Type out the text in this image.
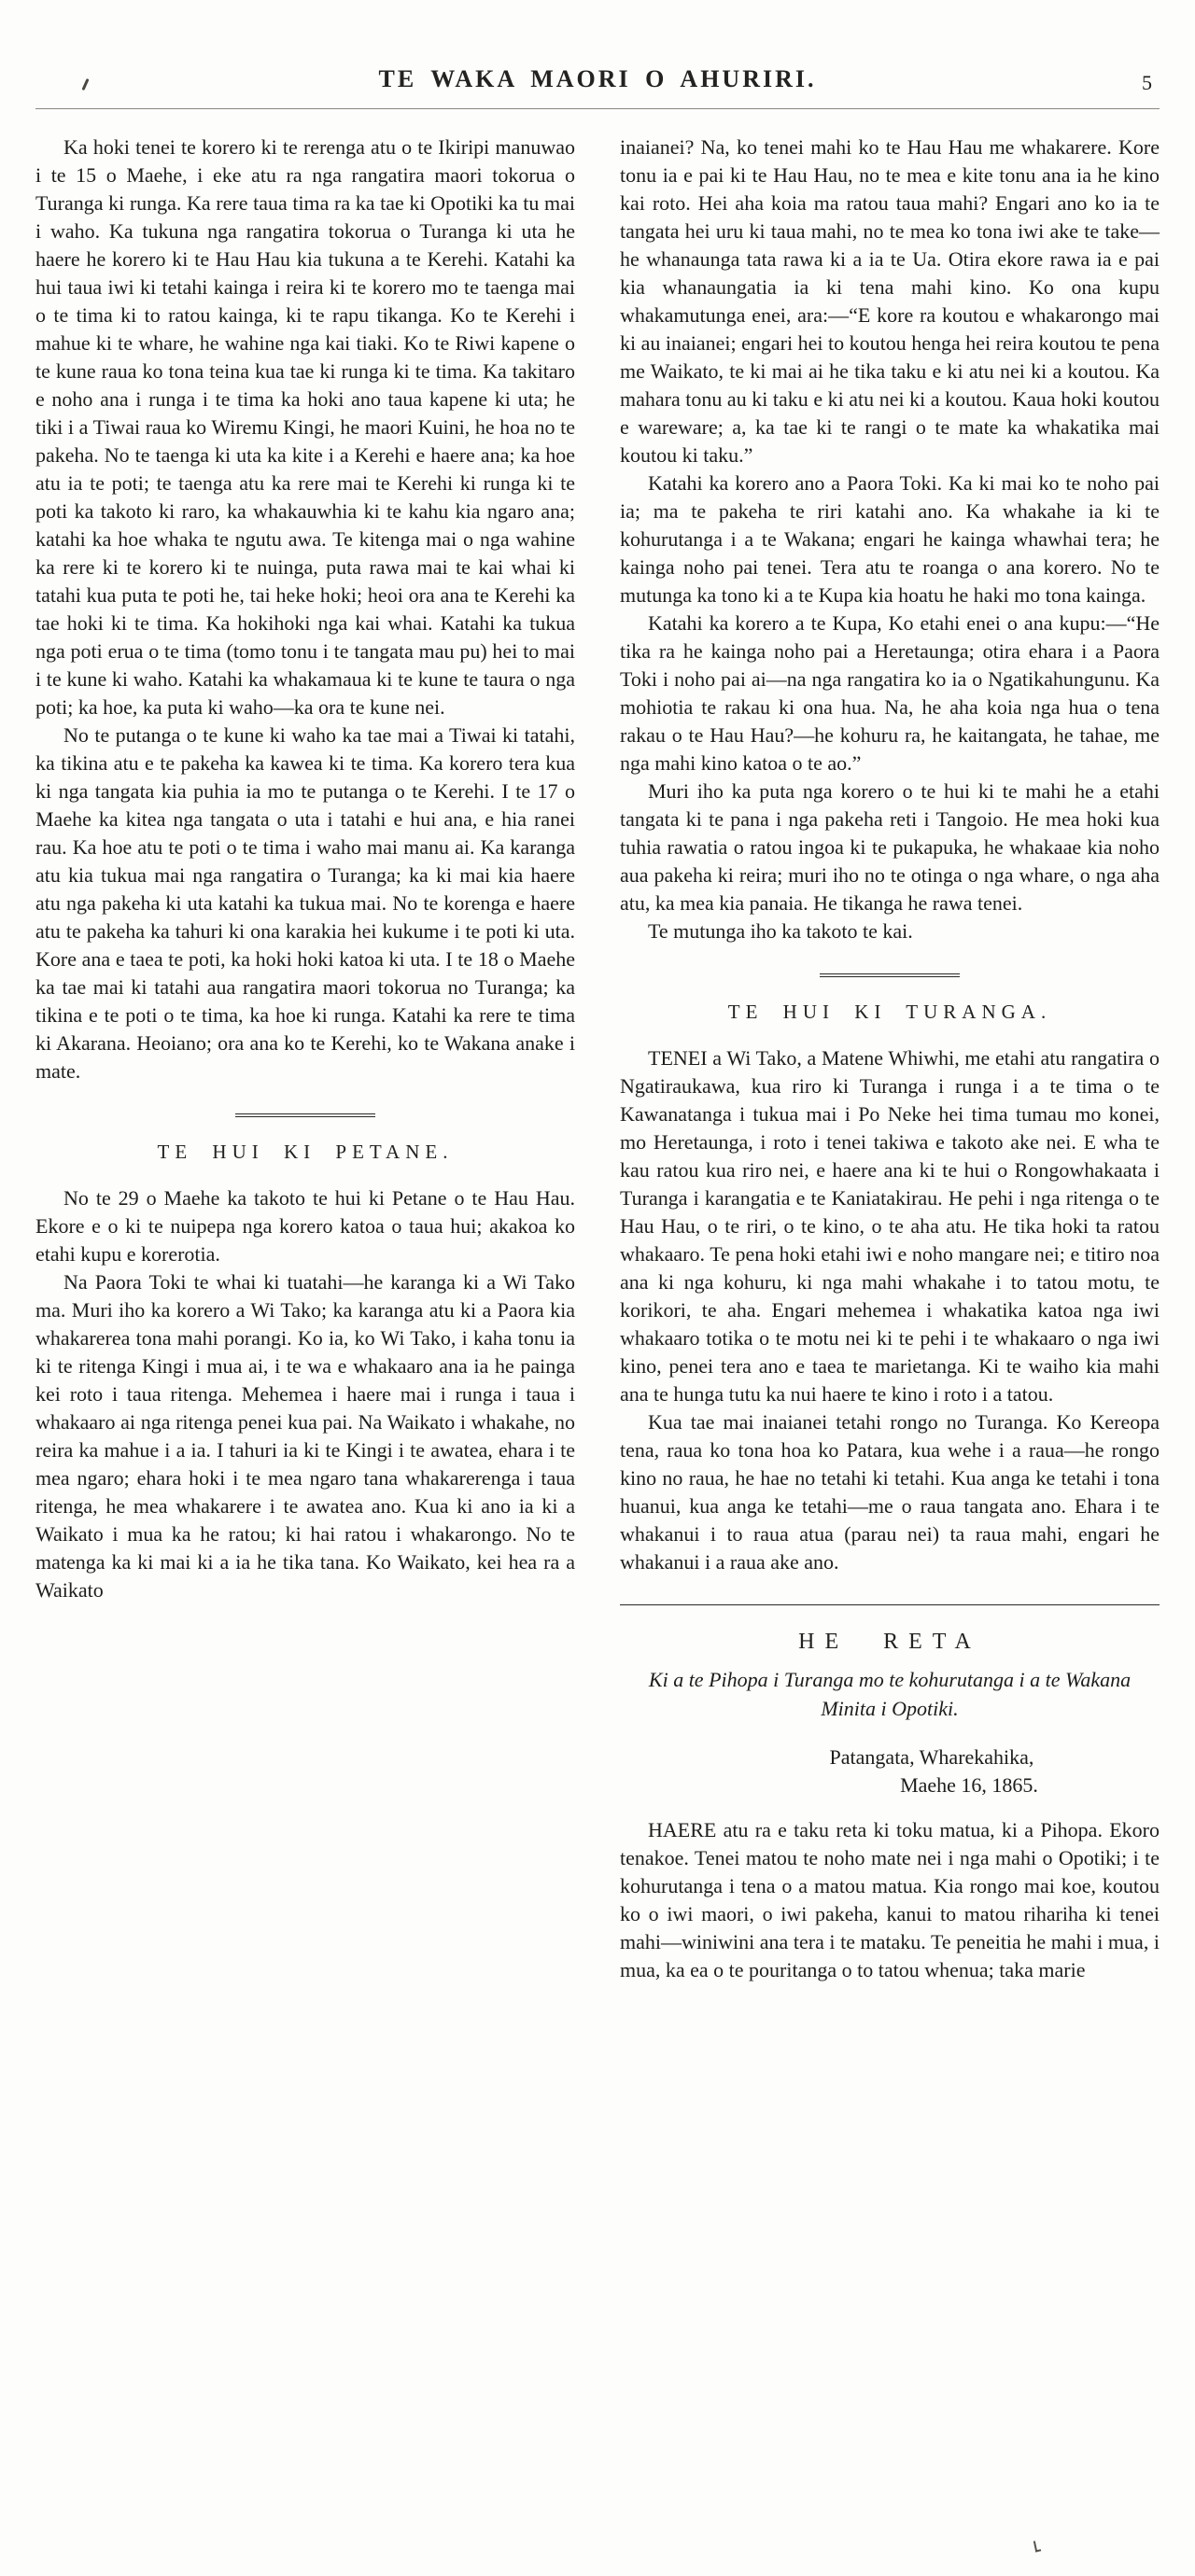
TE WAKA MAORI O AHURIRI.	5

Ka hoki tenei te korero ki te rerenga atu o te Ikiripi manuwao i te 15 o Maehe, i eke atu ra nga rangatira maori tokorua o Turanga ki runga. Ka rere taua tima ra ka tae ki Opotiki ka tu mai i waho. Ka tukuna nga rangatira tokorua o Turanga ki uta he haere he korero ki te Hau Hau kia tukuna a te Kerehi. Katahi ka hui taua iwi ki tetahi kainga i reira ki te korero mo te taenga mai o te tima ki to ratou kainga, ki te rapu tikanga. Ko te Kerehi i mahue ki te whare, he wahine nga kai tiaki. Ko te Riwi kapene o te kune raua ko tona teina kua tae ki runga ki te tima. Ka takitaro e noho ana i runga i te tima ka hoki ano taua kapene ki uta; he tiki i a Tiwai raua ko Wiremu Kingi, he maori Kuini, he hoa no te pakeha. No te taenga ki uta ka kite i a Kerehi e haere ana; ka hoe atu ia te poti; te taenga atu ka rere mai te Kerehi ki runga ki te poti ka takoto ki raro, ka whakauwhia ki te kahu kia ngaro ana; katahi ka hoe whaka te ngutu awa. Te kitenga mai o nga wahine ka rere ki te korero ki te nuinga, puta rawa mai te kai whai ki tatahi kua puta te poti he, tai heke hoki; heoi ora ana te Kerehi ka tae hoki ki te tima. Ka hokihoki nga kai whai. Katahi ka tukua nga poti erua o te tima (tomo tonu i te tangata mau pu) hei to mai i te kune ki waho. Katahi ka whakamaua ki te kune te taura o nga poti; ka hoe, ka puta ki waho—ka ora te kune nei.

No te putanga o te kune ki waho ka tae mai a Tiwai ki tatahi, ka tikina atu e te pakeha ka kawea ki te tima. Ka korero tera kua ki nga tangata kia puhia ia mo te putanga o te Kerehi. I te 17 o Maehe ka kitea nga tangata o uta i tatahi e hui ana, e hia ranei rau. Ka hoe atu te poti o te tima i waho mai manu ai. Ka karanga atu kia tukua mai nga rangatira o Turanga; ka ki mai kia haere atu nga pakeha ki uta katahi ka tukua mai. No te korenga e haere atu te pakeha ka tahuri ki ona karakia hei kukume i te poti ki uta. Kore ana e taea te poti, ka hoki hoki katoa ki uta. I te 18 o Maehe ka tae mai ki tatahi aua rangatira maori tokorua no Turanga; ka tikina e te poti o te tima, ka hoe ki runga. Katahi ka rere te tima ki Akarana. Heoiano; ora ana ko te Kerehi, ko te Wakana anake i mate.

TE HUI KI PETANE.

No te 29 o Maehe ka takoto te hui ki Petane o te Hau Hau. Ekore e o ki te nuipepa nga korero katoa o taua hui; akakoa ko etahi kupu e korerotia.

Na Paora Toki te whai ki tuatahi—he karanga ki a Wi Tako ma. Muri iho ka korero a Wi Tako; ka karanga atu ki a Paora kia whakarerea tona mahi porangi. Ko ia, ko Wi Tako, i kaha tonu ia ki te ritenga Kingi i mua ai, i te wa e whakaaro ana ia he painga kei roto i taua ritenga. Mehemea i haere mai i runga i taua i whakaaro ai nga ritenga penei kua pai. Na Waikato i whakahe, no reira ka mahue i a ia. I tahuri ia ki te Kingi i te awatea, ehara i te mea ngaro; ehara hoki i te mea ngaro tana whakarerenga i taua ritenga, he mea whakarere i te awatea ano. Kua ki ano ia ki a Waikato i mua ka he ratou; ki hai ratou i whakarongo. No te matenga ka ki mai ki a ia he tika tana. Ko Waikato, kei hea ra a Waikato

inaianei? Na, ko tenei mahi ko te Hau Hau me whakarere. Kore tonu ia e pai ki te Hau Hau, no te mea e kite tonu ana ia he kino kai roto. Hei aha koia ma ratou taua mahi? Engari ano ko ia te tangata hei uru ki taua mahi, no te mea ko tona iwi ake te take—he whanaunga tata rawa ki a ia te Ua. Otira ekore rawa ia e pai kia whanaungatia ia ki tena mahi kino. Ko ona kupu whakamutunga enei, ara:—“E kore ra koutou e whakarongo mai ki au inaianei; engari hei to koutou henga hei reira koutou te pena me Waikato, te ki mai ai he tika taku e ki atu nei ki a koutou. Ka mahara tonu au ki taku e ki atu nei ki a koutou. Kaua hoki koutou e wareware; a, ka tae ki te rangi o te mate ka whakatika mai koutou ki taku.”

Katahi ka korero ano a Paora Toki. Ka ki mai ko te noho pai ia; ma te pakeha te riri katahi ano. Ka whakahe ia ki te kohurutanga i a te Wakana; engari he kainga whawhai tera; he kainga noho pai tenei. Tera atu te roanga o ana korero. No te mutunga ka tono ki a te Kupa kia hoatu he haki mo tona kainga.

Katahi ka korero a te Kupa, Ko etahi enei o ana kupu:—“He tika ra he kainga noho pai a Heretaunga; otira ehara i a Paora Toki i noho pai ai—na nga rangatira ko ia o Ngatikahungunu. Ka mohiotia te rakau ki ona hua. Na, he aha koia nga hua o tena rakau o te Hau Hau?—he kohuru ra, he kaitangata, he tahae, me nga mahi kino katoa o te ao.”

Muri iho ka puta nga korero o te hui ki te mahi he a etahi tangata ki te pana i nga pakeha reti i Tangoio. He mea hoki kua tuhia rawatia o ratou ingoa ki te pukapuka, he whakaae kia noho aua pakeha ki reira; muri iho no te otinga o nga whare, o nga aha atu, ka mea kia panaia. He tikanga he rawa tenei.

Te mutunga iho ka takoto te kai.

TE HUI KI TURANGA.

TENEI a Wi Tako, a Matene Whiwhi, me etahi atu rangatira o Ngatiraukawa, kua riro ki Turanga i runga i a te tima o te Kawanatanga i tukua mai i Po Neke hei tima tumau mo konei, mo Heretaunga, i roto i tenei takiwa e takoto ake nei. E wha te kau ratou kua riro nei, e haere ana ki te hui o Rongowhakaata i Turanga i karangatia e te Kaniatakirau. He pehi i nga ritenga o te Hau Hau, o te riri, o te kino, o te aha atu. He tika hoki ta ratou whakaaro. Te pena hoki etahi iwi e noho mangare nei; e titiro noa ana ki nga kohuru, ki nga mahi whakahe i to tatou motu, te korikori, te aha. Engari mehemea i whakatika katoa nga iwi whakaaro totika o te motu nei ki te pehi i te whakaaro o nga iwi kino, penei tera ano e taea te marietanga. Ki te waiho kia mahi ana te hunga tutu ka nui haere te kino i roto i a tatou.

Kua tae mai inaianei tetahi rongo no Turanga. Ko Kereopa tena, raua ko tona hoa ko Patara, kua wehe i a raua—he rongo kino no raua, he hae no tetahi ki tetahi. Kua anga ke tetahi i tona huanui, kua anga ke tetahi—me o raua tangata ano. Ehara i te whakanui i to raua atua (parau nei) ta raua mahi, engari he whakanui i a raua ake ano.

HE RETA

Ki a te Pihopa i Turanga mo te kohurutanga i a te Wakana Minita i Opotiki.

Patangata, Wharekahika,
Maehe 16, 1865.

HAERE atu ra e taku reta ki toku matua, ki a Pihopa. Ekoro tenakoe. Tenei matou te noho mate nei i nga mahi o Opotiki; i te kohurutanga i tena o a matou matua. Kia rongo mai koe, koutou ko o iwi maori, o iwi pakeha, kanui to matou rihariha ki tenei mahi—winiwini ana tera i te mataku. Te peneitia he mahi i mua, i mua, ka ea o te pouritanga o to tatou whenua; taka marie
